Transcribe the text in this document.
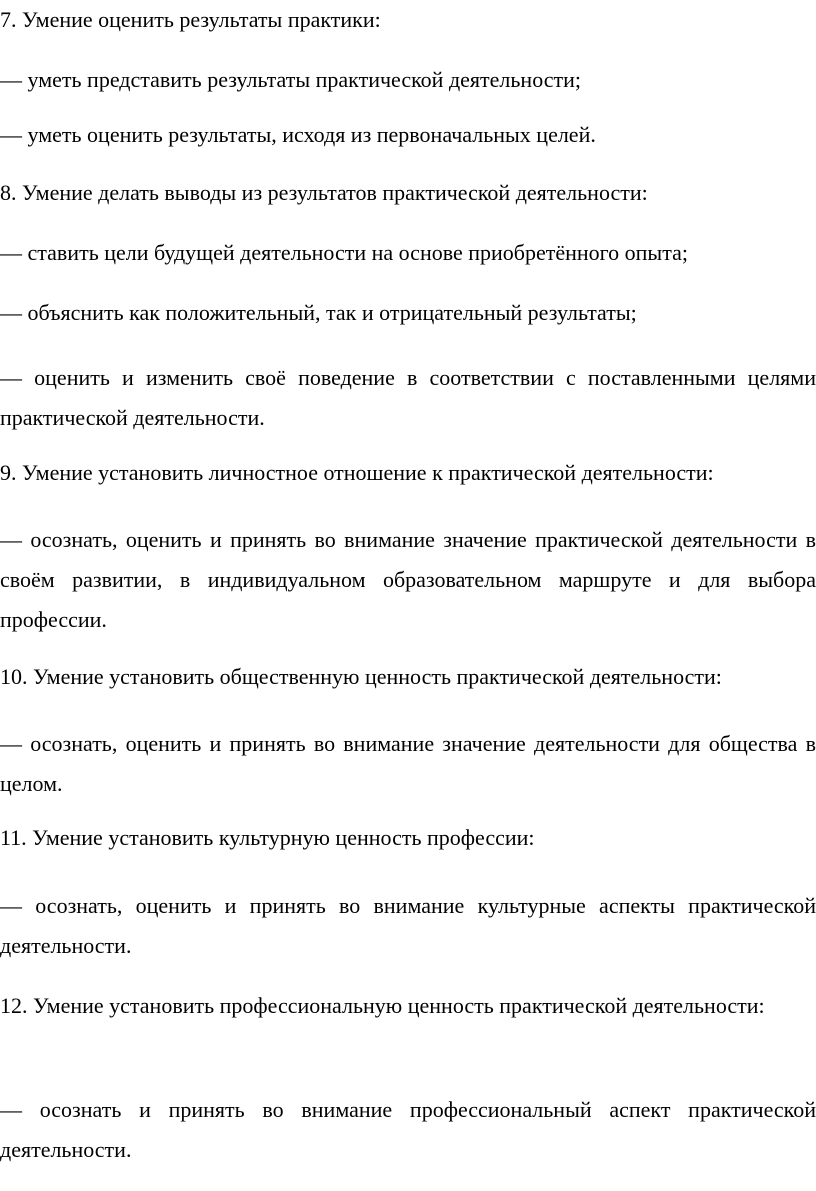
7. Умение оценить результаты практики:
— уметь представить результаты практической деятельности;
— уметь оценить результаты, исходя из первоначальных целей.
8. Умение делать выводы из результатов практической деятельности:
— ставить цели будущей деятельности на основе приобретённого опыта;
— объяснить как положительный, так и отрицательный результаты;
— оценить и изменить своё поведение в соответствии с поставленными целями практической деятельности.
9. Умение установить личностное отношение к практической деятельности:
— осознать, оценить и принять во внимание значение практической деятельности в своём развитии, в индивидуальном образовательном маршруте и для выбора профессии.
10. Умение установить общественную ценность практической деятельности:
— осознать, оценить и принять во внимание значение деятельности для общества в целом.
11. Умение установить культурную ценность профессии:
— осознать, оценить и принять во внимание культурные аспекты практической деятельности.
12. Умение установить профессиональную ценность практической деятельности:
— осознать и принять во внимание профессиональный аспект практической деятельности.
